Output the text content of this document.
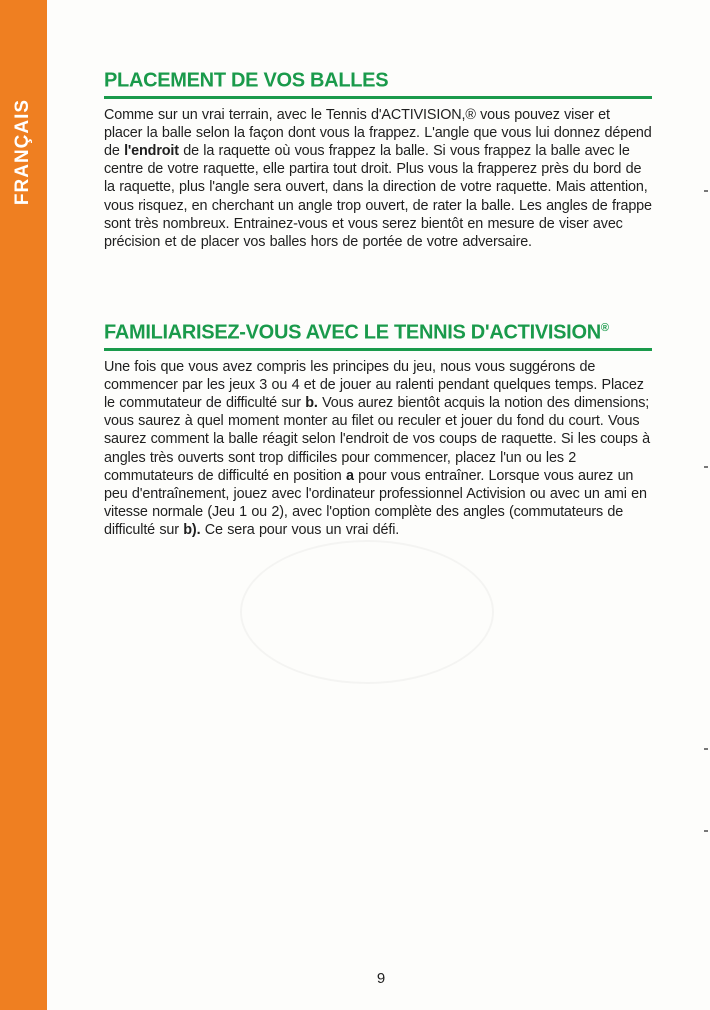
FRANÇAIS
PLACEMENT DE VOS BALLES

Comme sur un vrai terrain, avec le Tennis d'ACTIVISION,® vous pouvez viser et placer la balle selon la façon dont vous la frappez. L'angle que vous lui donnez dépend de l'endroit de la raquette où vous frappez la balle. Si vous frappez la balle avec le centre de votre raquette, elle partira tout droit. Plus vous la frapperez près du bord de la raquette, plus l'angle sera ouvert, dans la direction de votre raquette. Mais attention, vous risquez, en cherchant un angle trop ouvert, de rater la balle. Les angles de frappe sont très nombreux. Entrainez-vous et vous serez bientôt en mesure de viser avec précision et de placer vos balles hors de portée de votre adversaire.

FAMILIARISEZ-VOUS AVEC LE TENNIS D'ACTIVISION®

Une fois que vous avez compris les principes du jeu, nous vous suggérons de commencer par les jeux 3 ou 4 et de jouer au ralenti pendant quelques temps. Placez le commutateur de difficulté sur b. Vous aurez bientôt acquis la notion des dimensions; vous saurez à quel moment monter au filet ou reculer et jouer du fond du court. Vous saurez comment la balle réagit selon l'endroit de vos coups de raquette. Si les coups à angles très ouverts sont trop difficiles pour commencer, placez l'un ou les 2 commutateurs de difficulté en position a pour vous entraîner. Lorsque vous aurez un peu d'entraînement, jouez avec l'ordinateur professionnel Activision ou avec un ami en vitesse normale (Jeu 1 ou 2), avec l'option complète des angles (commutateurs de difficulté sur b). Ce sera pour vous un vrai défi.

9
